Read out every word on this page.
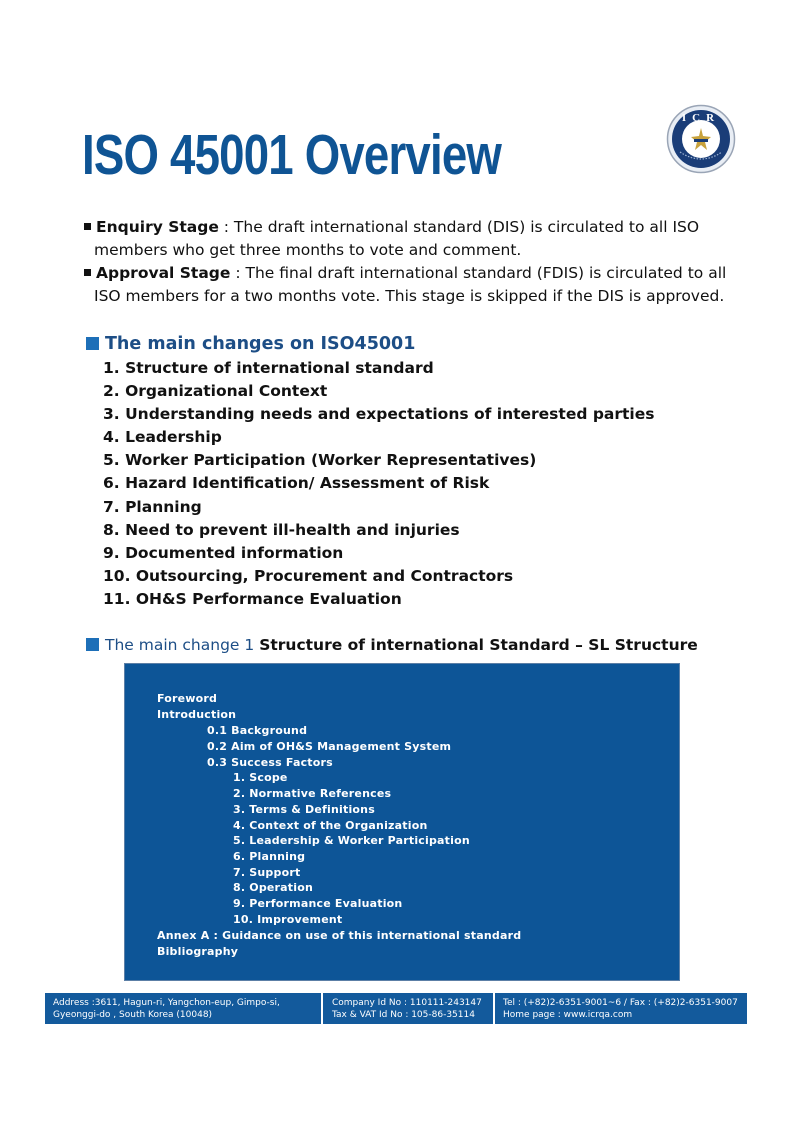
ICR
ISO 45001 Overview
Enquiry Stage : The draft international standard (DIS) is circulated to all ISO members who get three months to vote and comment.
Approval Stage : The final draft international standard (FDIS) is circulated to all ISO members for a two months vote. This stage is skipped if the DIS is approved.
The main changes on ISO45001
1. Structure of international standard
2. Organizational Context
3. Understanding needs and expectations of interested parties
4. Leadership
5. Worker Participation (Worker Representatives)
6. Hazard Identification/ Assessment of Risk
7. Planning
8. Need to prevent ill-health and injuries
9. Documented information
10. Outsourcing, Procurement and Contractors
11. OH&S Performance Evaluation
The main change 1 Structure of international Standard – SL Structure
Foreword
Introduction
0.1 Background
0.2 Aim of OH&S Management System
0.3 Success Factors
1. Scope
2. Normative References
3. Terms & Definitions
4. Context of the Organization
5. Leadership & Worker Participation
6. Planning
7. Support
8. Operation
9. Performance Evaluation
10. Improvement
Annex A : Guidance on use of this international standard
Bibliography
Address :3611, Hagun-ri, Yangchon-eup, Gimpo-si,
Gyeonggi-do , South Korea (10048)
Company Id No : 110111-243147
Tax & VAT Id No : 105-86-35114
Tel : (+82)2-6351-9001~6 / Fax : (+82)2-6351-9007
Home page : www.icrqa.com
